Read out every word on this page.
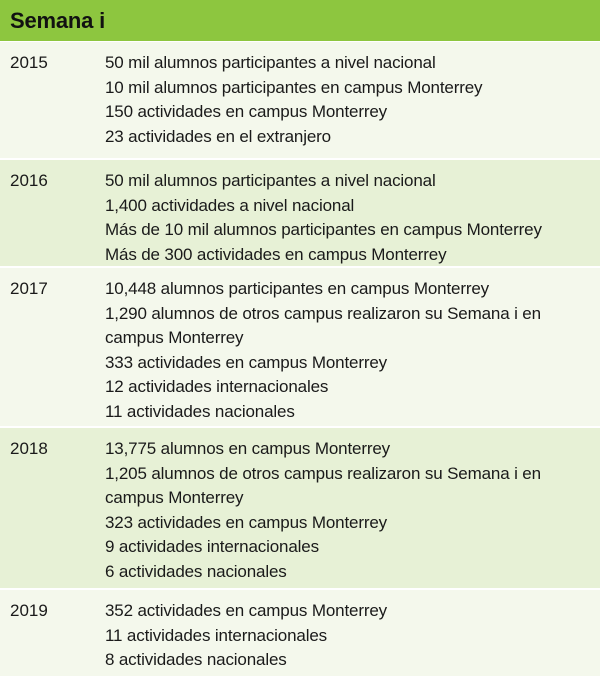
Semana i
2015	50 mil alumnos participantes a nivel nacional
10 mil alumnos participantes en campus Monterrey
150 actividades en campus Monterrey
23 actividades en el extranjero
2016	50 mil alumnos participantes a nivel nacional
1,400 actividades a nivel nacional
Más de 10 mil alumnos participantes en campus Monterrey
Más de 300 actividades en campus Monterrey
2017	10,448 alumnos participantes en campus Monterrey
1,290 alumnos de otros campus realizaron su Semana i en
campus Monterrey
333 actividades en campus Monterrey
12 actividades internacionales
11 actividades nacionales
2018	13,775 alumnos en campus Monterrey
1,205 alumnos de otros campus realizaron su Semana i en
campus Monterrey
323 actividades en campus Monterrey
9 actividades internacionales
6 actividades nacionales
2019	352 actividades en campus Monterrey
11 actividades internacionales
8 actividades nacionales
